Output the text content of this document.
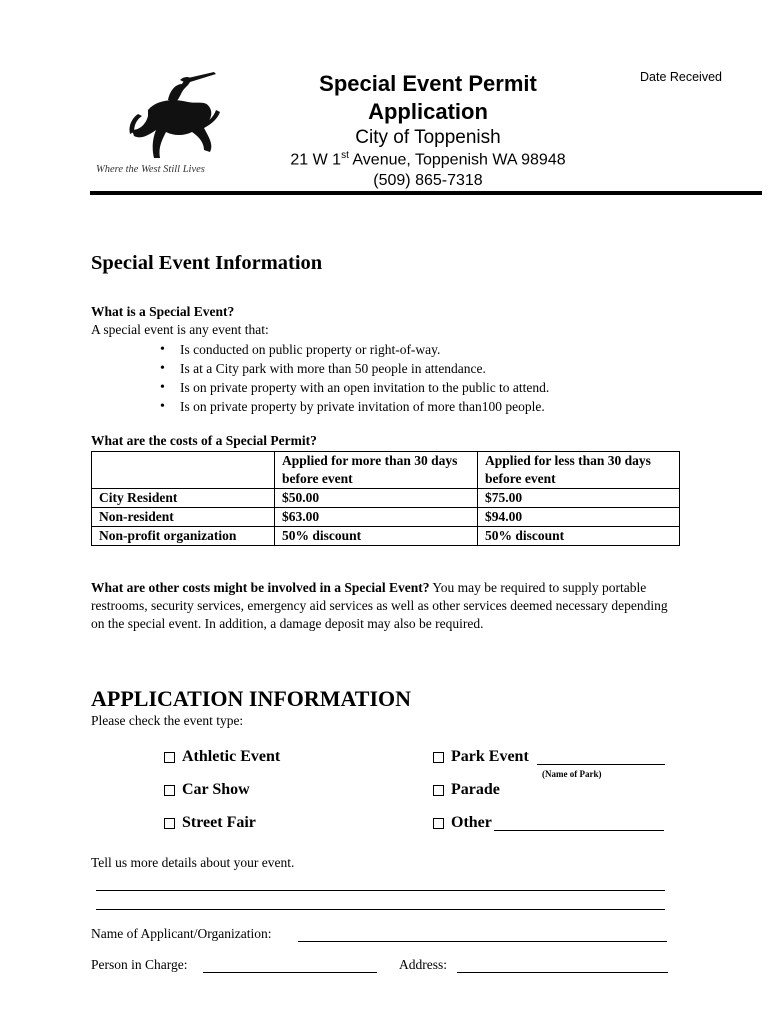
Where the West Still Lives
Special Event Permit Application
City of Toppenish
21 W 1st Avenue, Toppenish WA 98948
(509) 865-7318
Date Received
Special Event Information
What is a Special Event?
A special event is any event that:
• Is conducted on public property or right-of-way.
• Is at a City park with more than 50 people in attendance.
• Is on private property with an open invitation to the public to attend.
• Is on private property by private invitation of more than100 people.
What are the costs of a Special Permit?
	Applied for more than 30 days before event	Applied for less than 30 days before event
City Resident	$50.00	$75.00
Non-resident	$63.00	$94.00
Non-profit organization	50% discount	50% discount
What are other costs might be involved in a Special Event? You may be required to supply portable restrooms, security services, emergency aid services as well as other services deemed necessary depending on the special event. In addition, a damage deposit may also be required.
APPLICATION INFORMATION
Please check the event type:
Athletic Event
Car Show
Street Fair
Park Event
(Name of Park)
Parade
Other
Tell us more details about your event.
Name of Applicant/Organization:
Person in Charge:	Address:
